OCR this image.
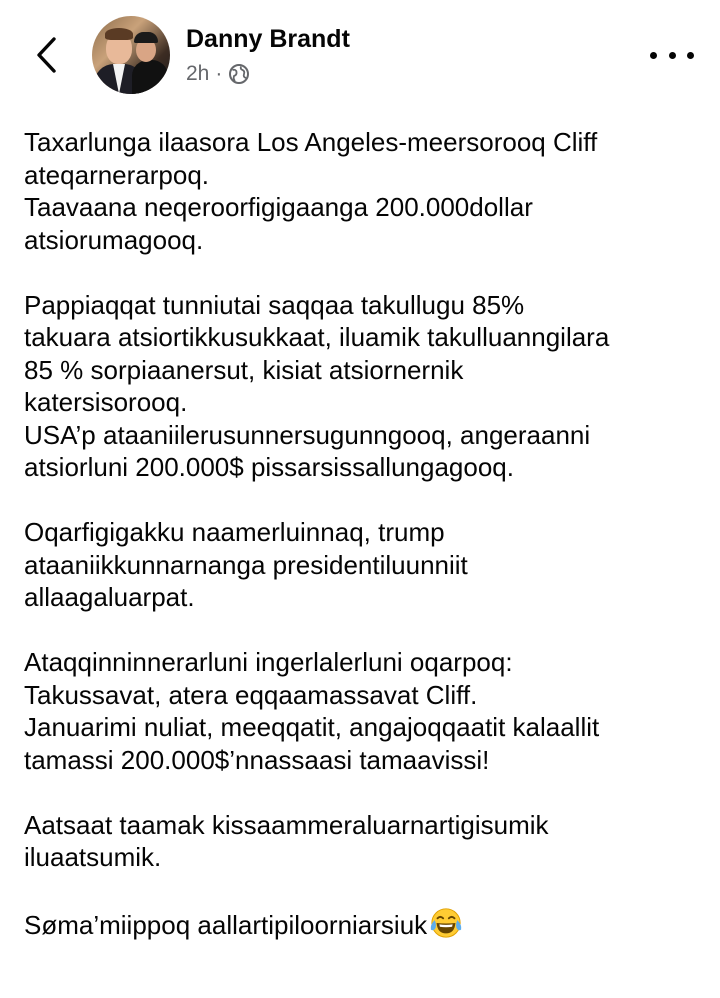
Danny Brandt
2h ·
Taxarlunga ilaasora Los Angeles-meersorooq Cliff
ateqarnerarpoq.
Taavaana neqeroorfigigaanga 200.000dollar
atsiorumagooq.
Pappiaqqat tunniutai saqqaa takullugu 85%
takuara atsiortikkusukkaat, iluamik takulluanngilara
85 % sorpiaanersut, kisiat atsiornernik
katersisorooq.
USA’p ataaniilerusunnersugunngooq, angeraanni
atsiorluni 200.000$ pissarsissallungagooq.
Oqarfigigakku naamerluinnaq, trump
ataaniikkunnarnanga presidentiluunniit
allaagaluarpat.
Ataqqinninnerarluni ingerlalerluni oqarpoq:
Takussavat, atera eqqaamassavat Cliff.
Januarimi nuliat, meeqqatit, angajoqqaatit kalaallit
tamassi 200.000$’nnassaasi tamaavissi!
Aatsaat taamak kissaammeraluarnartigisumik
iluaatsumik.
Søma’miippoq aallartipiloorniarsiuk
